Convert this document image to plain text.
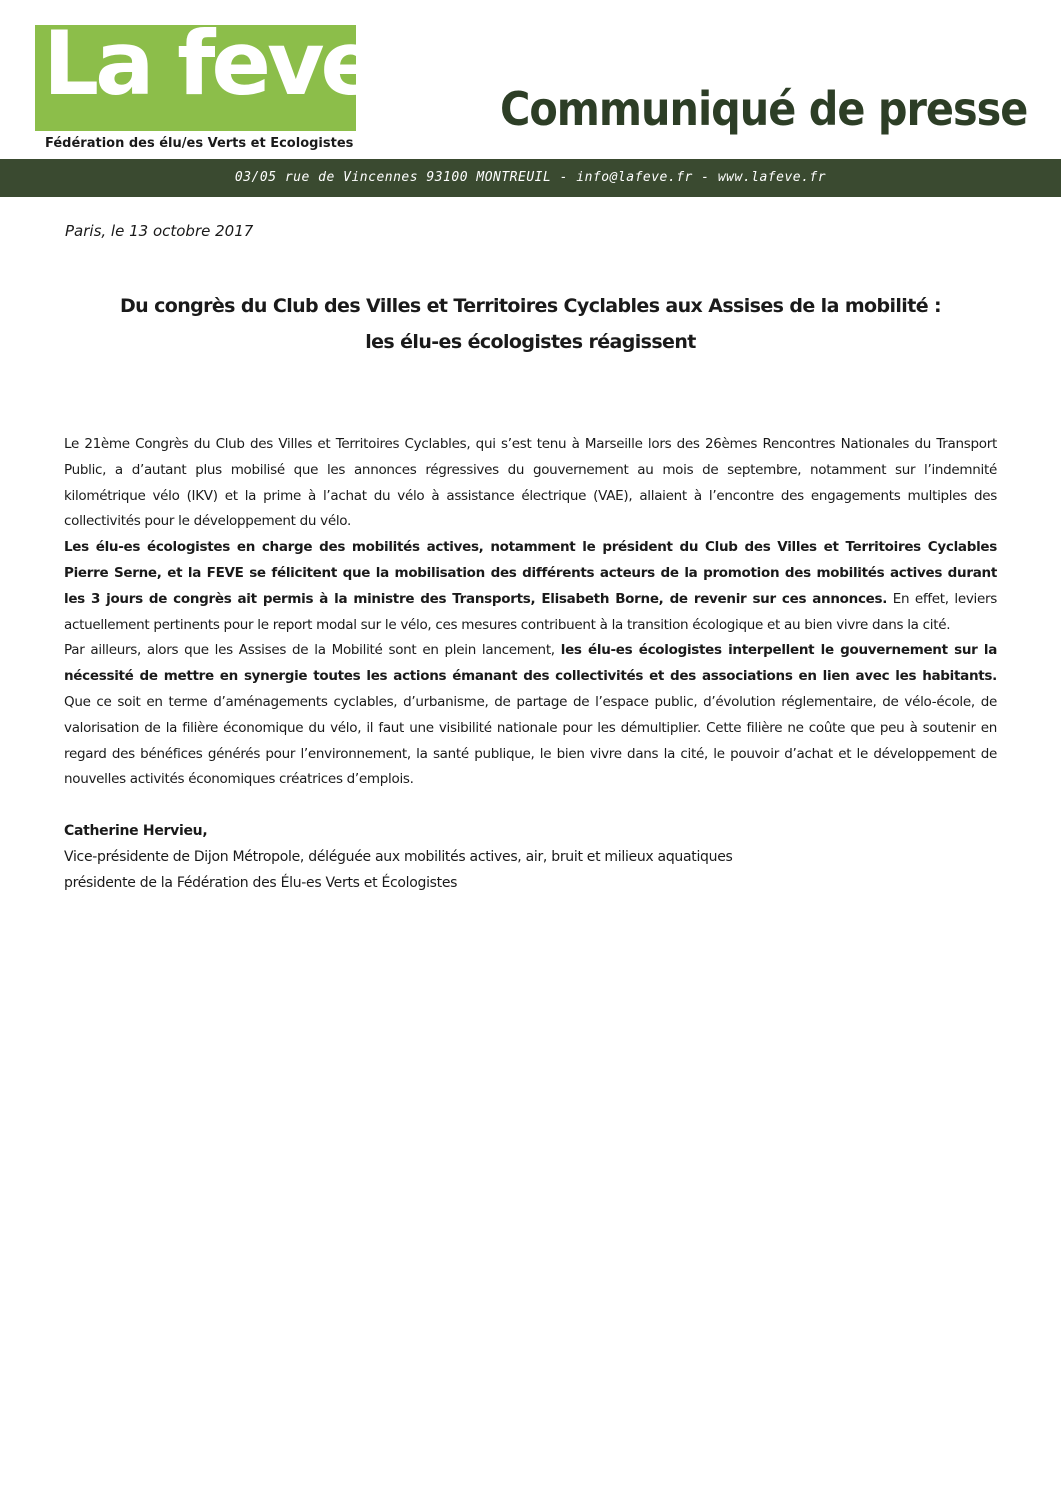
La feve
Fédération des élu/es Verts et Ecologistes
Communiqué de presse
03/05 rue de Vincennes 93100 MONTREUIL - info@lafeve.fr - www.lafeve.fr
Paris, le 13 octobre 2017
Du congrès du Club des Villes et Territoires Cyclables aux Assises de la mobilité :
les élu-es écologistes réagissent

Le 21ème Congrès du Club des Villes et Territoires Cyclables, qui s’est tenu à Marseille lors des 26èmes Rencontres Nationales du Transport Public, a d’autant plus mobilisé que les annonces régressives du gouvernement au mois de septembre, notamment sur l’indemnité kilométrique vélo (IKV) et la prime à l’achat du vélo à assistance électrique (VAE), allaient à l’encontre des engagements multiples des collectivités pour le développement du vélo.

Les élu-es écologistes en charge des mobilités actives, notamment le président du Club des Villes et Territoires Cyclables Pierre Serne, et la FEVE se félicitent que la mobilisation des différents acteurs de la promotion des mobilités actives durant les 3 jours de congrès ait permis à la ministre des Transports, Elisabeth Borne, de revenir sur ces annonces. En effet, leviers actuellement pertinents pour le report modal sur le vélo, ces mesures contribuent à la transition écologique et au bien vivre dans la cité.

Par ailleurs, alors que les Assises de la Mobilité sont en plein lancement, les élu-es écologistes interpellent le gouvernement sur la nécessité de mettre en synergie toutes les actions émanant des collectivités et des associations en lien avec les habitants. Que ce soit en terme d’aménagements cyclables, d’urbanisme, de partage de l’espace public, d’évolution réglementaire, de vélo-école, de valorisation de la filière économique du vélo, il faut une visibilité nationale pour les démultiplier. Cette filière ne coûte que peu à soutenir en regard des bénéfices générés pour l’environnement, la santé publique, le bien vivre dans la cité, le pouvoir d’achat et le développement de nouvelles activités économiques créatrices d’emplois.

Catherine Hervieu,
Vice-présidente de Dijon Métropole, déléguée aux mobilités actives, air, bruit et milieux aquatiques
présidente de la Fédération des Élu-es Verts et Écologistes
